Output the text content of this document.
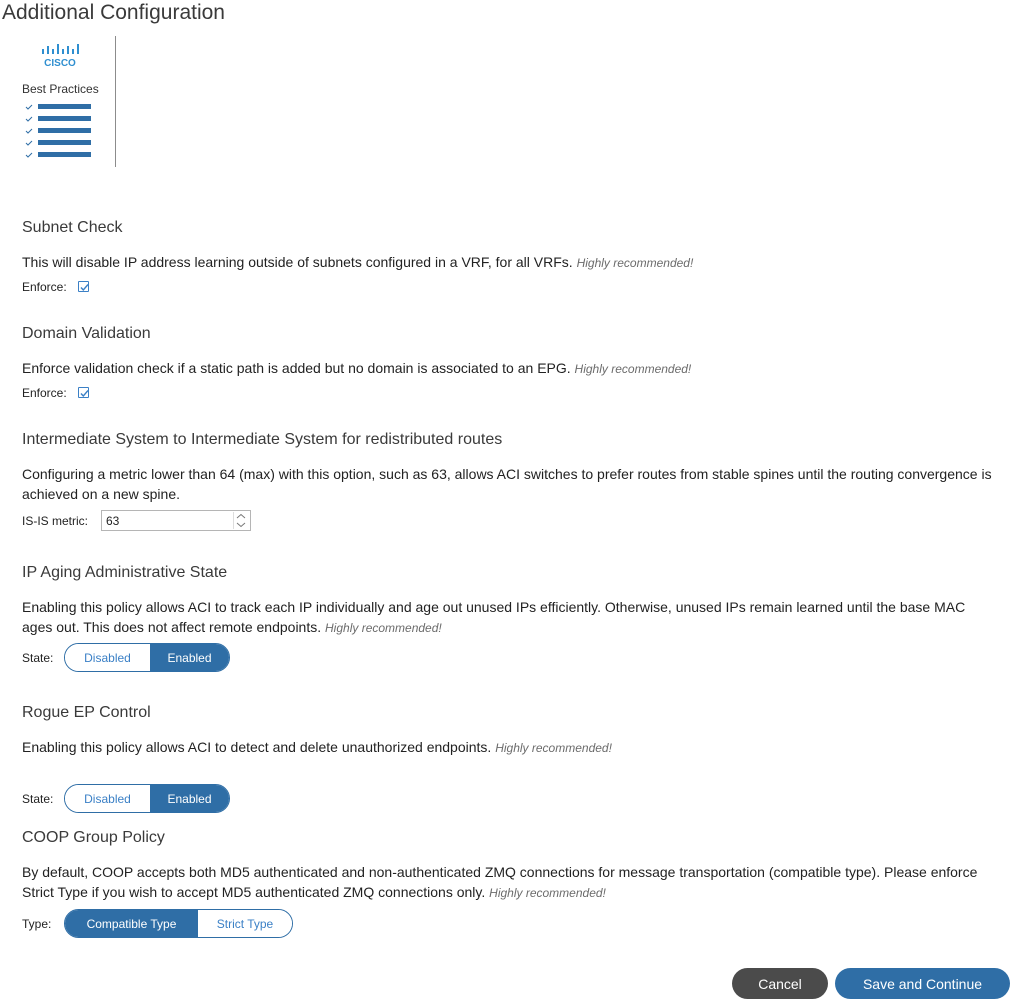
Additional Configuration
CISCO
Best Practices
Subnet Check
This will disable IP address learning outside of subnets configured in a VRF, for all VRFs. Highly recommended!
Enforce:
Domain Validation
Enforce validation check if a static path is added but no domain is associated to an EPG. Highly recommended!
Enforce:
Intermediate System to Intermediate System for redistributed routes
Configuring a metric lower than 64 (max) with this option, such as 63, allows ACI switches to prefer routes from stable spines until the routing convergence is achieved on a new spine.
IS-IS metric: 63
IP Aging Administrative State
Enabling this policy allows ACI to track each IP individually and age out unused IPs efficiently. Otherwise, unused IPs remain learned until the base MAC ages out. This does not affect remote endpoints. Highly recommended!
State:	Disabled	Enabled
Rogue EP Control
Enabling this policy allows ACI to detect and delete unauthorized endpoints. Highly recommended!
State:	Disabled	Enabled
COOP Group Policy
By default, COOP accepts both MD5 authenticated and non-authenticated ZMQ connections for message transportation (compatible type). Please enforce Strict Type if you wish to accept MD5 authenticated ZMQ connections only. Highly recommended!
Type:	Compatible Type	Strict Type
Cancel	Save and Continue
